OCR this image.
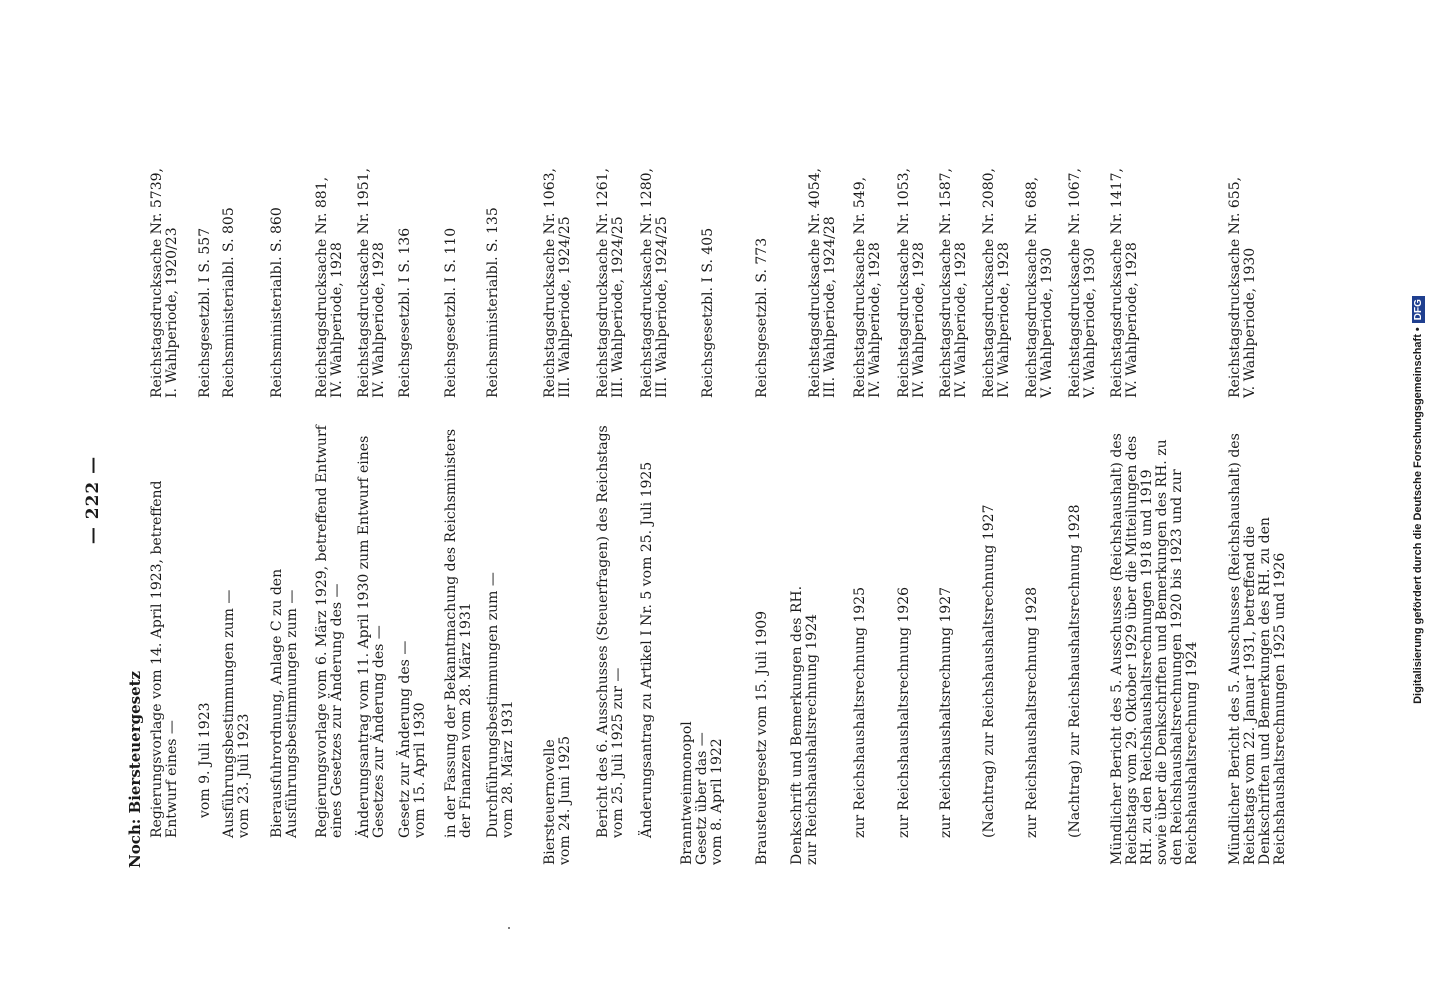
— 222 —
Noch: Biersteuergesetz Regierungsvorlage vom 14. April 1923, betreffend Entwurf eines —
Reichstagsdrucksache Nr. 5739,
I. Wahlperiode, 1920/23
vom 9. Juli 1923
Reichsgesetzbl. I S. 557
Ausführungsbestimmungen zum —
vom 23. Juli 1923
Reichsministerialbl. S. 805
Bierausfuhrordnung, Anlage C zu den Ausführungsbestimmungen zum —
Reichsministerialbl. S. 860
Regierungsvorlage vom 6. März 1929, betreffend Entwurf eines Gesetzes zur Änderung des —
Reichstagsdrucksache Nr. 881,
IV. Wahlperiode, 1928
Änderungsantrag vom 11. April 1930 zum Entwurf eines Gesetzes zur Änderung des —
Reichstagsdrucksache Nr. 1951,
IV. Wahlperiode, 1928
Gesetz zur Änderung des —
vom 15. April 1930
Reichsgesetzbl. I S. 136
in der Fassung der Bekanntmachung des Reichsministers der Finanzen vom 28. März 1931
Reichsgesetzbl. I S. 110
Durchführungsbestimmungen zum —
vom 28. März 1931
Reichsministerialbl. S. 135
Biersteuernovelle
vom 24. Juni 1925
Reichstagsdrucksache Nr. 1063,
III. Wahlperiode, 1924/25
Bericht des 6. Ausschusses (Steuerfragen) des Reichstags vom 25. Juli 1925 zur —
Reichstagsdrucksache Nr. 1261,
III. Wahlperiode, 1924/25
Änderungsantrag zu Artikel I Nr. 5 vom 25. Juli 1925
Reichstagsdrucksache Nr. 1280,
III. Wahlperiode, 1924/25
Branntweinmonopol
Gesetz über das —
vom 8. April 1922
Reichsgesetzbl. I S. 405
Brausteuergesetz vom 15. Juli 1909
Reichsgesetzbl. S. 773
Denkschrift und Bemerkungen des RH.
zur Reichshaushaltsrechnung 1924
Reichstagsdrucksache Nr. 4054,
III. Wahlperiode, 1924/28
zur Reichshaushaltsrechnung 1925
Reichstagsdrucksache Nr. 549,
IV. Wahlperiode, 1928
zur Reichshaushaltsrechnung 1926
Reichstagsdrucksache Nr. 1053,
IV. Wahlperiode, 1928
zur Reichshaushaltsrechnung 1927
Reichstagsdrucksache Nr. 1587,
IV. Wahlperiode, 1928
(Nachtrag) zur Reichshaushaltsrechnung 1927
Reichstagsdrucksache Nr. 2080,
IV. Wahlperiode, 1928
zur Reichshaushaltsrechnung 1928
Reichstagsdrucksache Nr. 688,
V. Wahlperiode, 1930
(Nachtrag) zur Reichshaushaltsrechnung 1928
Reichstagsdrucksache Nr. 1067,
V. Wahlperiode, 1930
Mündlicher Bericht des 5. Ausschusses (Reichshaushalt) des Reichstags vom 29. Oktober 1929 über die Mitteilungen des RH. zu den Reichshaushaltsrechnungen 1918 und 1919 sowie über die Denkschriften und Bemerkungen des RH. zu den Reichshaushaltsrechnungen 1920 bis 1923 und zur Reichshaushaltsrechnung 1924
Reichstagsdrucksache Nr. 1417,
IV. Wahlperiode, 1928
Mündlicher Bericht des 5. Ausschusses (Reichshaushalt) des Reichstags vom 22. Januar 1931, betreffend die Denkschriften und Bemerkungen des RH. zu den Reichshaushaltsrechnungen 1925 und 1926
Reichstagsdrucksache Nr. 655,
V. Wahlperiode, 1930
Digitalisierung gefördert durch die Deutsche Forschungsgemeinschaft •DFG
